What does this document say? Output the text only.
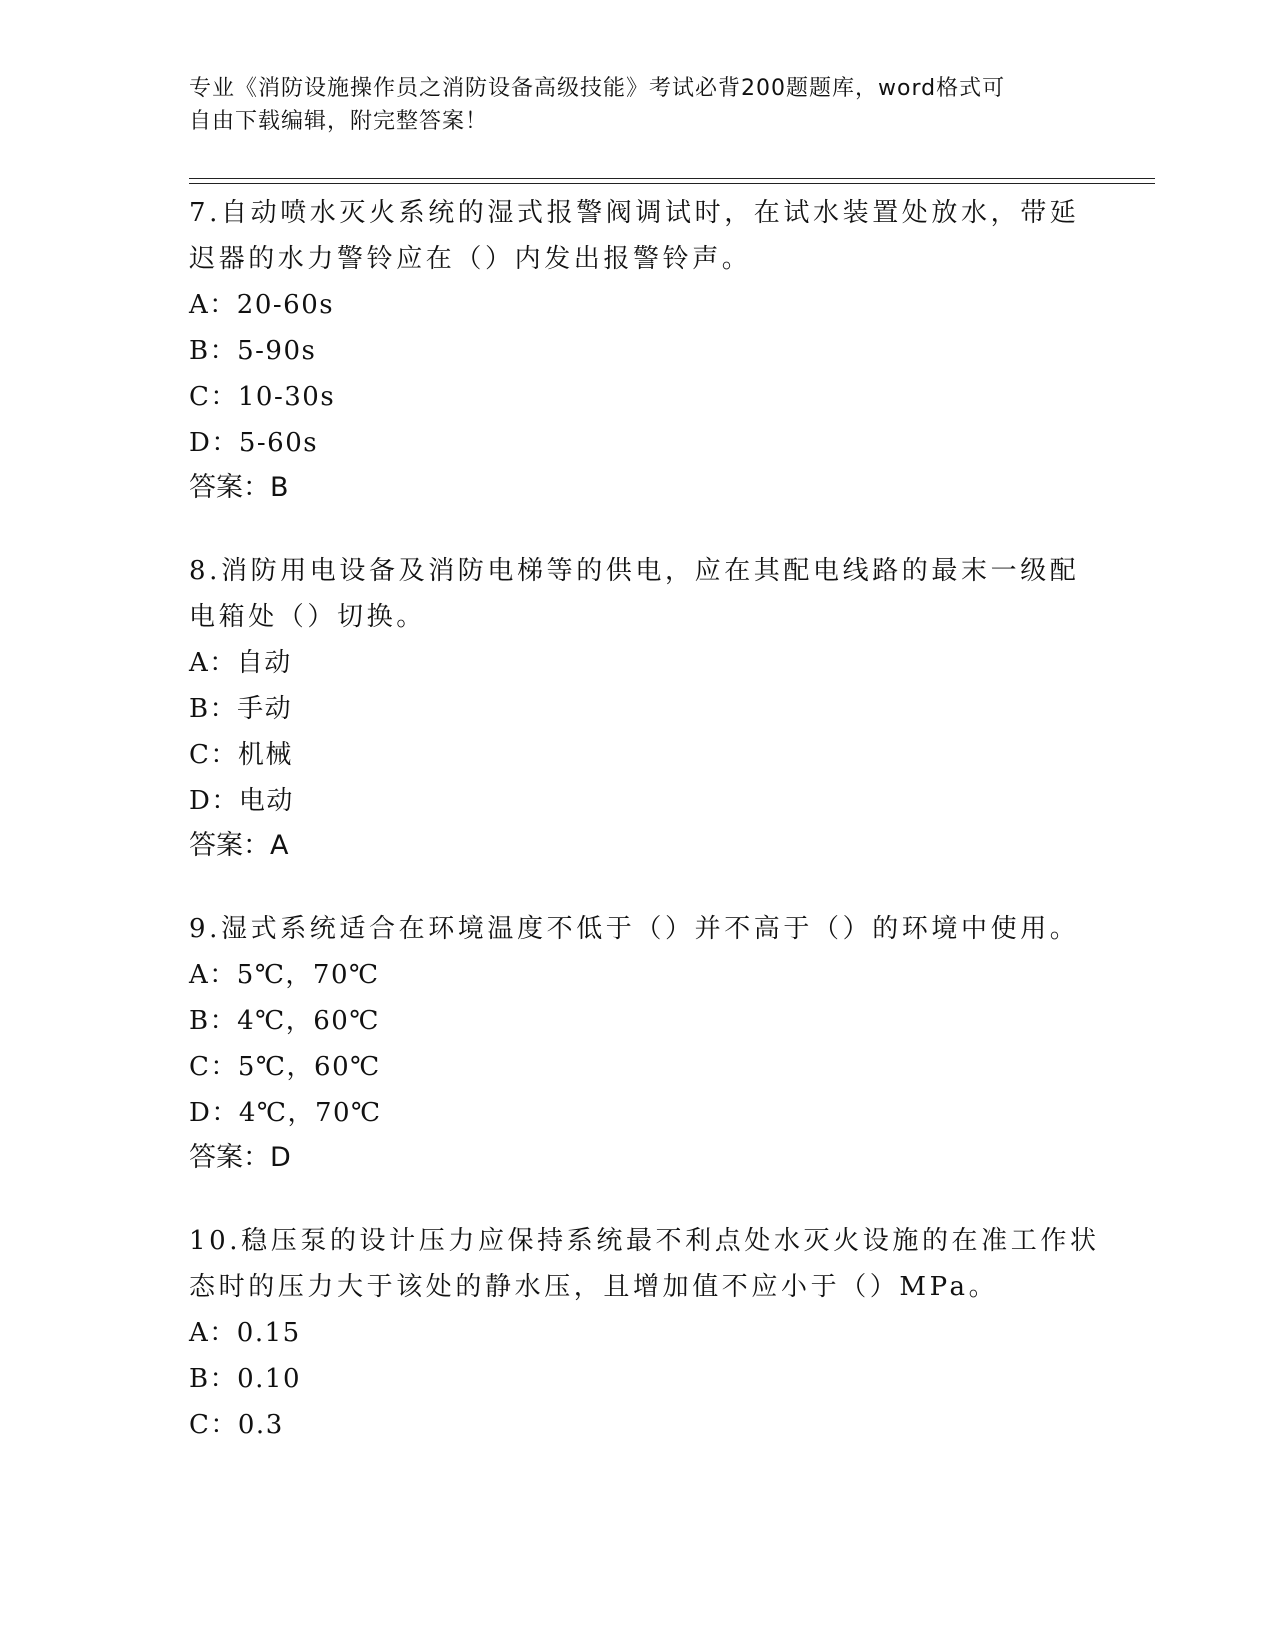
专业《消防设施操作员之消防设备高级技能》考试必背200题题库，word格式可
自由下载编辑，附完整答案！
7.自动喷水灭火系统的湿式报警阀调试时，在试水装置处放水，带延
迟器的水力警铃应在（）内发出报警铃声。
A：20-60s
B：5-90s
C：10-30s
D：5-60s
答案：B
8.消防用电设备及消防电梯等的供电，应在其配电线路的最末一级配
电箱处（）切换。
A：自动
B：手动
C：机械
D：电动
答案：A
9.湿式系统适合在环境温度不低于（）并不高于（）的环境中使用。
A：5℃，70℃
B：4℃，60℃
C：5℃，60℃
D：4℃，70℃
答案：D
10.稳压泵的设计压力应保持系统最不利点处水灭火设施的在准工作状
态时的压力大于该处的静水压，且增加值不应小于（）MPa。
A：0.15
B：0.10
C：0.3
